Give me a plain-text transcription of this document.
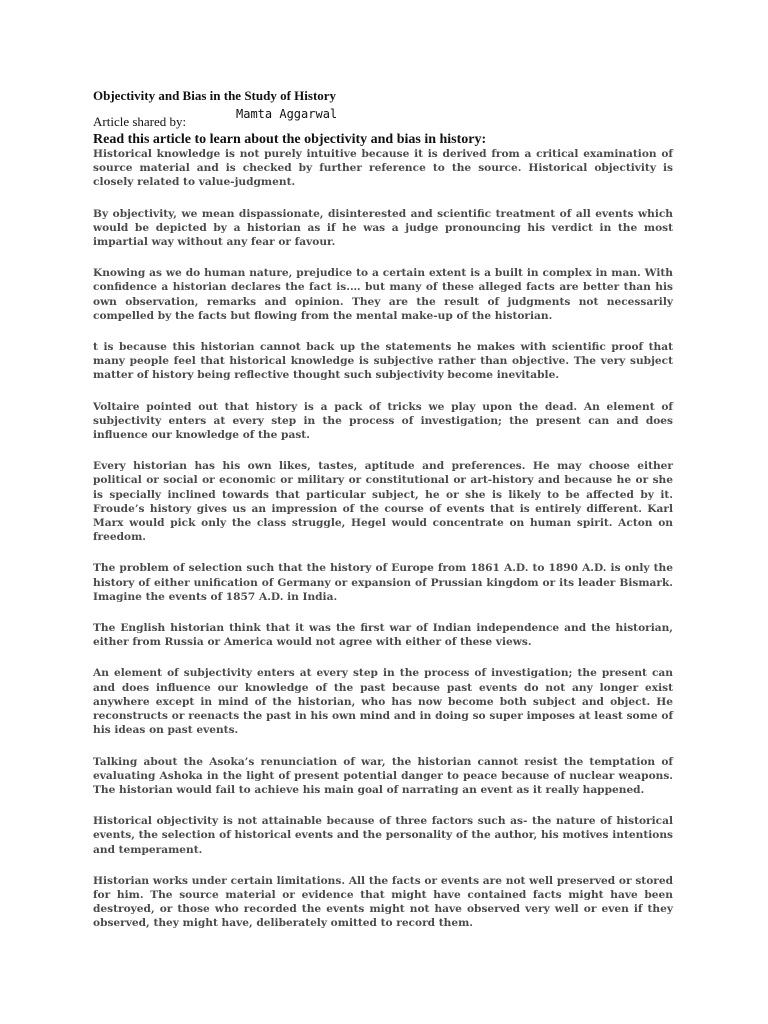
Objectivity and Bias in the Study of History
Article shared by:	Mamta Aggarwal

Read this article to learn about the objectivity and bias in history:

Historical knowledge is not purely intuitive because it is derived from a critical examination of source material and is checked by further reference to the source. Historical objectivity is closely related to value-judgment.

By objectivity, we mean dispassionate, disinterested and scientific treatment of all events which would be depicted by a historian as if he was a judge pronouncing his verdict in the most impartial way without any fear or favour.

Knowing as we do human nature, prejudice to a certain extent is a built in complex in man. With confidence a historian declares the fact is.… but many of these alleged facts are better than his own observation, remarks and opinion. They are the result of judgments not necessarily compelled by the facts but flowing from the mental make-up of the historian.

t is because this historian cannot back up the statements he makes with scientific proof that many people feel that historical knowledge is subjective rather than objective. The very subject matter of history being reflective thought such subjectivity become inevitable.

Voltaire pointed out that history is a pack of tricks we play upon the dead. An element of subjectivity enters at every step in the process of investigation; the present can and does influence our knowledge of the past.

Every historian has his own likes, tastes, aptitude and preferences. He may choose either political or social or economic or military or constitutional or art-history and because he or she is specially inclined towards that particular subject, he or she is likely to be affected by it. Froude’s history gives us an impression of the course of events that is entirely different. Karl Marx would pick only the class struggle, Hegel would concentrate on human spirit. Acton on freedom.

The problem of selection such that the history of Europe from 1861 A.D. to 1890 A.D. is only the history of either unification of Germany or expansion of Prussian kingdom or its leader Bismark. Imagine the events of 1857 A.D. in India.

The English historian think that it was the first war of Indian independence and the historian, either from Russia or America would not agree with either of these views.

An element of subjectivity enters at every step in the process of investigation; the present can and does influence our knowledge of the past because past events do not any longer exist anywhere except in mind of the historian, who has now become both subject and object. He reconstructs or reenacts the past in his own mind and in doing so super imposes at least some of his ideas on past events.

Talking about the Asoka’s renunciation of war, the historian cannot resist the temptation of evaluating Ashoka in the light of present potential danger to peace because of nuclear weapons. The historian would fail to achieve his main goal of narrating an event as it really happened.

Historical objectivity is not attainable because of three factors such as- the nature of historical events, the selection of historical events and the personality of the author, his motives intentions and temperament.

Historian works under certain limitations. All the facts or events are not well preserved or stored for him. The source material or evidence that might have contained facts might have been destroyed, or those who recorded the events might not have observed very well or even if they observed, they might have, deliberately omitted to record them.
